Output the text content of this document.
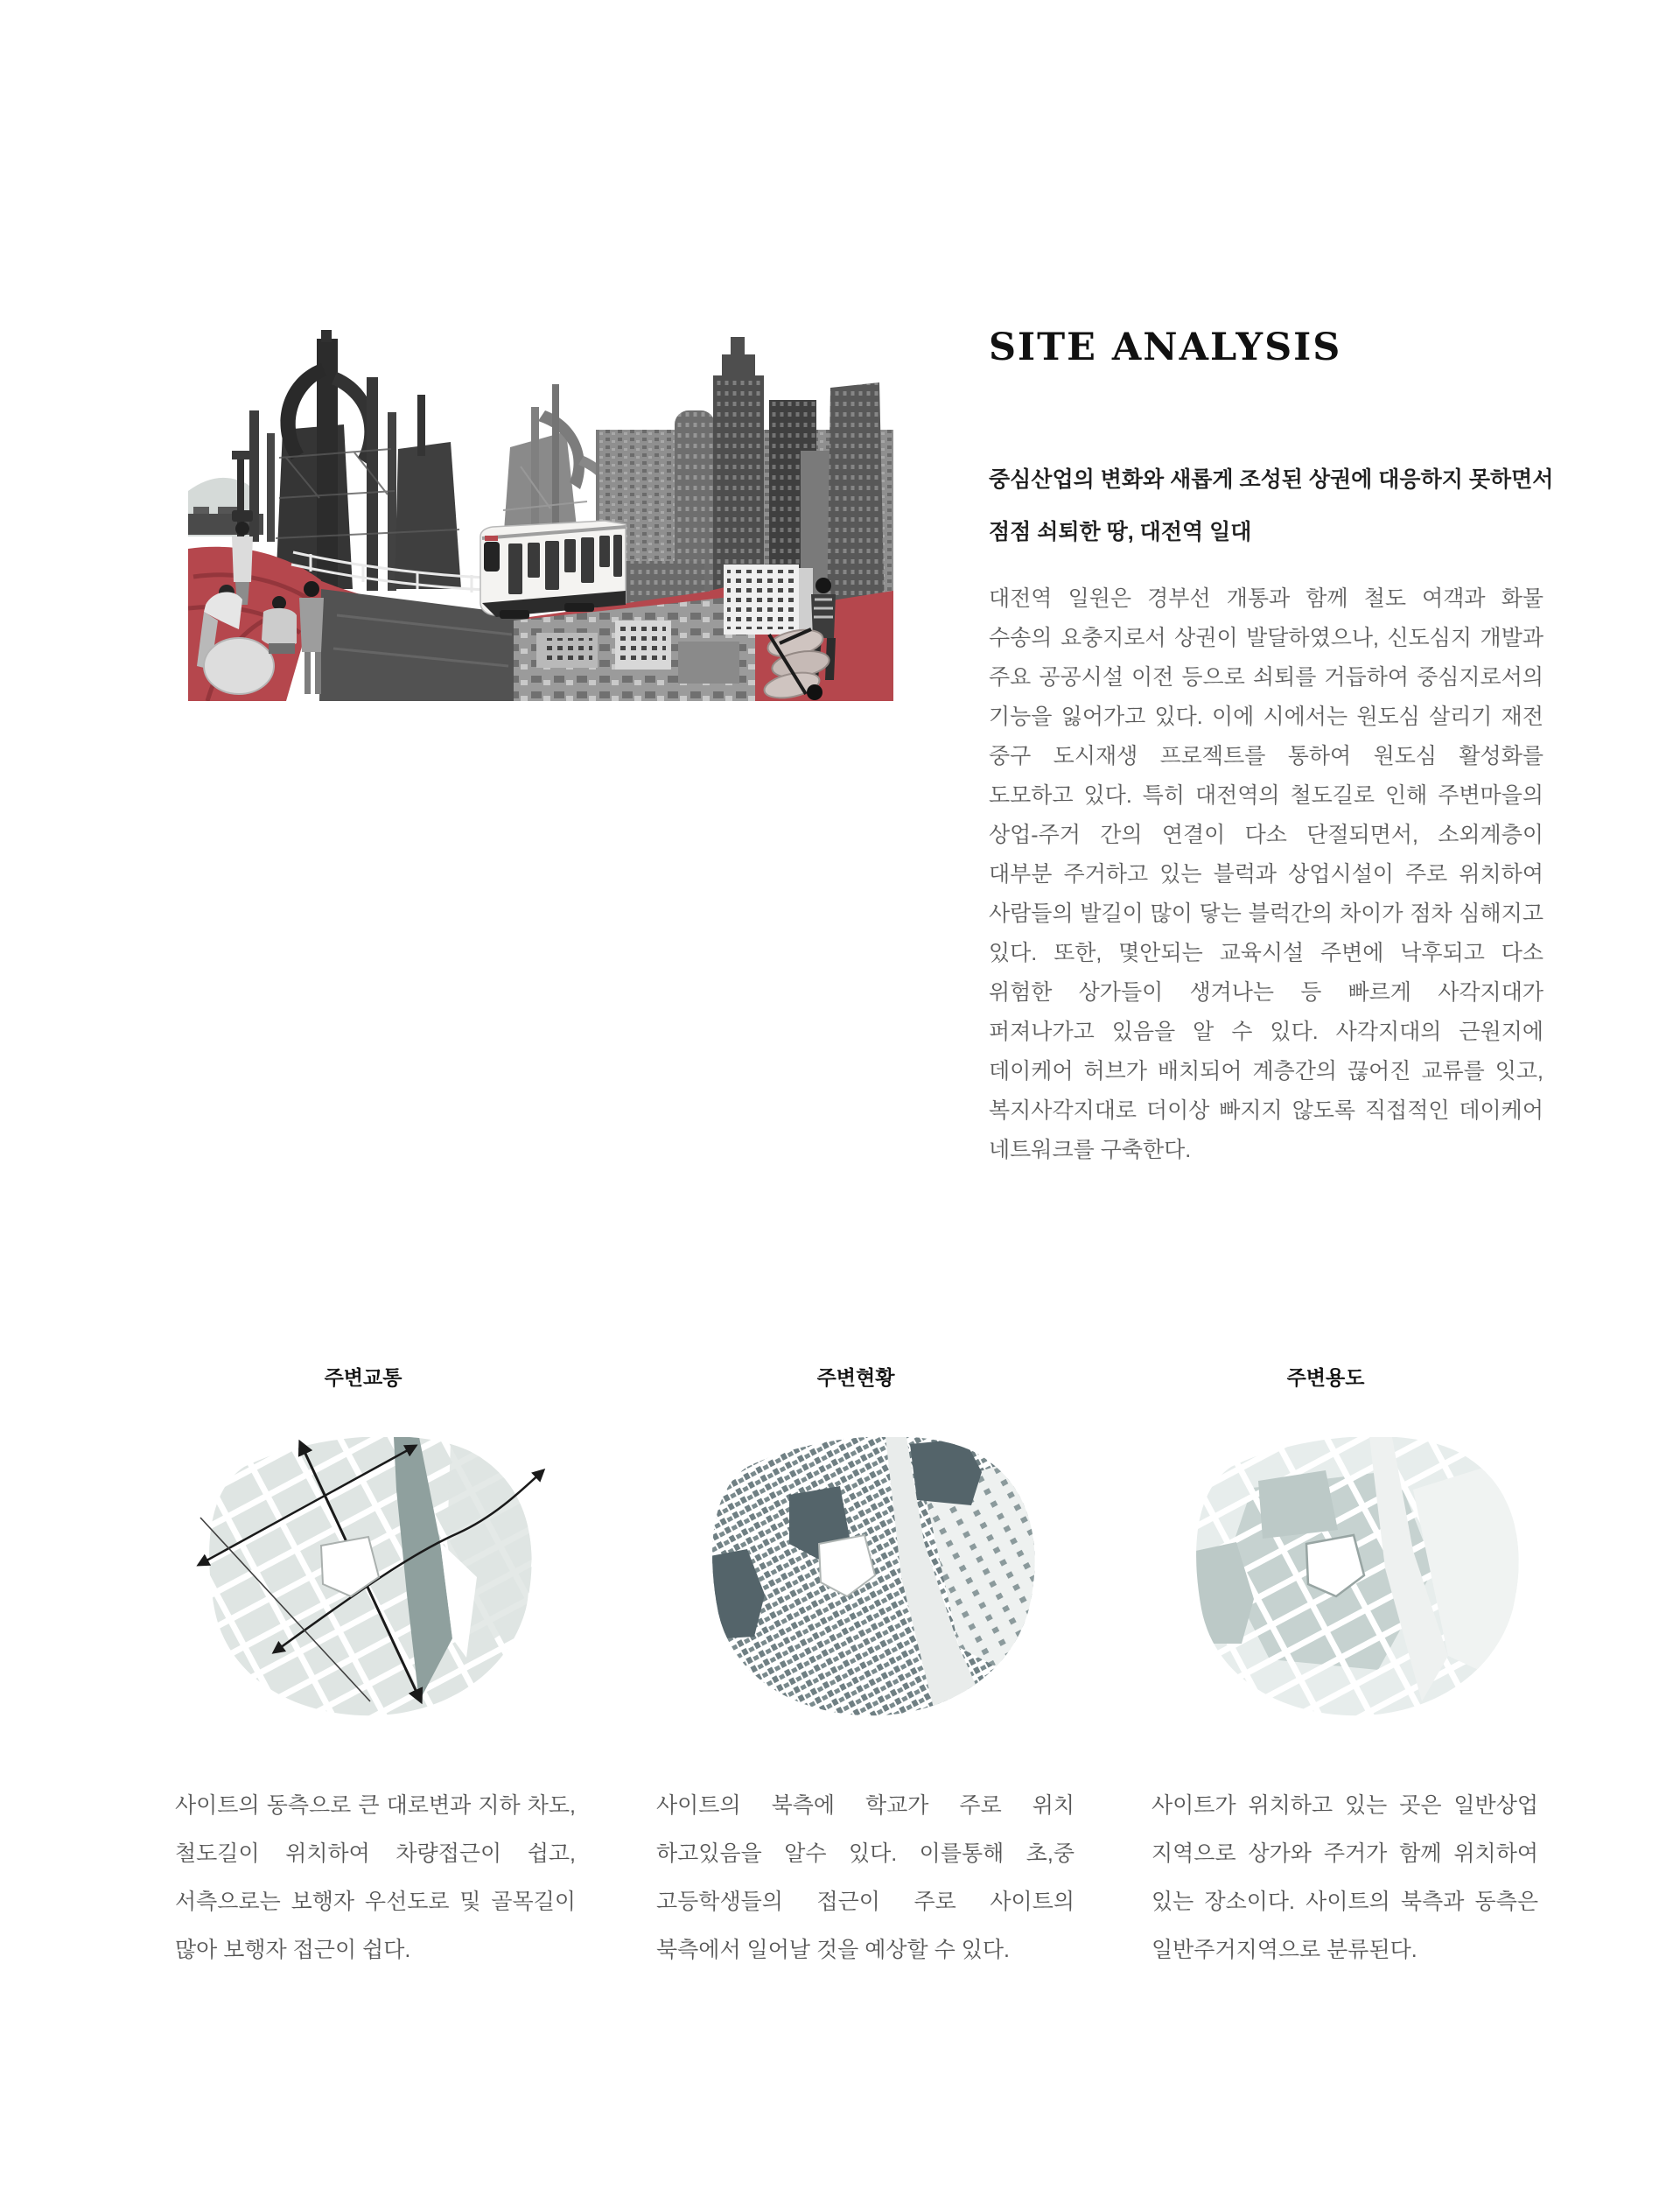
SITE ANALYSIS

중심산업의 변화와 새롭게 조성된 상권에 대응하지 못하면서 점점 쇠퇴한 땅, 대전역 일대

대전역 일원은 경부선 개통과 함께 철도 여객과 화물 수송의 요충지로서 상권이 발달하였으나, 신도심지 개발과 주요 공공시설 이전 등으로 쇠퇴를 거듭하여 중심지로서의 기능을 잃어가고 있다. 이에 시에서는 원도심 살리기 재전 중구 도시재생 프로젝트를 통하여 원도심 활성화를 도모하고 있다. 특히 대전역의 철도길로 인해 주변마을의 상업-주거 간의 연결이 다소 단절되면서, 소외계층이 대부분 주거하고 있는 블럭과 상업시설이 주로 위치하여 사람들의 발길이 많이 닿는 블럭간의 차이가 점차 심해지고 있다. 또한, 몇안되는 교육시설 주변에 낙후되고 다소 위험한 상가들이 생겨나는 등 빠르게 사각지대가 퍼져나가고 있음을 알 수 있다. 사각지대의 근원지에 데이케어 허브가 배치되어 계층간의 끊어진 교류를 잇고, 복지사각지대로 더이상 빠지지 않도록 직접적인 데이케어 네트워크를 구축한다.

주변교통	주변현황	주변용도

사이트의 동측으로 큰 대로변과 지하 차도, 철도길이 위치하여 차량접근이 쉽고, 서측으로는 보행자 우선도로 및 골목길이 많아 보행자 접근이 쉽다.

사이트의 북측에 학교가 주로 위치 하고있음을 알수 있다. 이를통해 초,중 고등학생들의 접근이 주로 사이트의 북측에서 일어날 것을 예상할 수 있다.

사이트가 위치하고 있는 곳은 일반상업 지역으로 상가와 주거가 함께 위치하여 있는 장소이다. 사이트의 북측과 동측은 일반주거지역으로 분류된다.
